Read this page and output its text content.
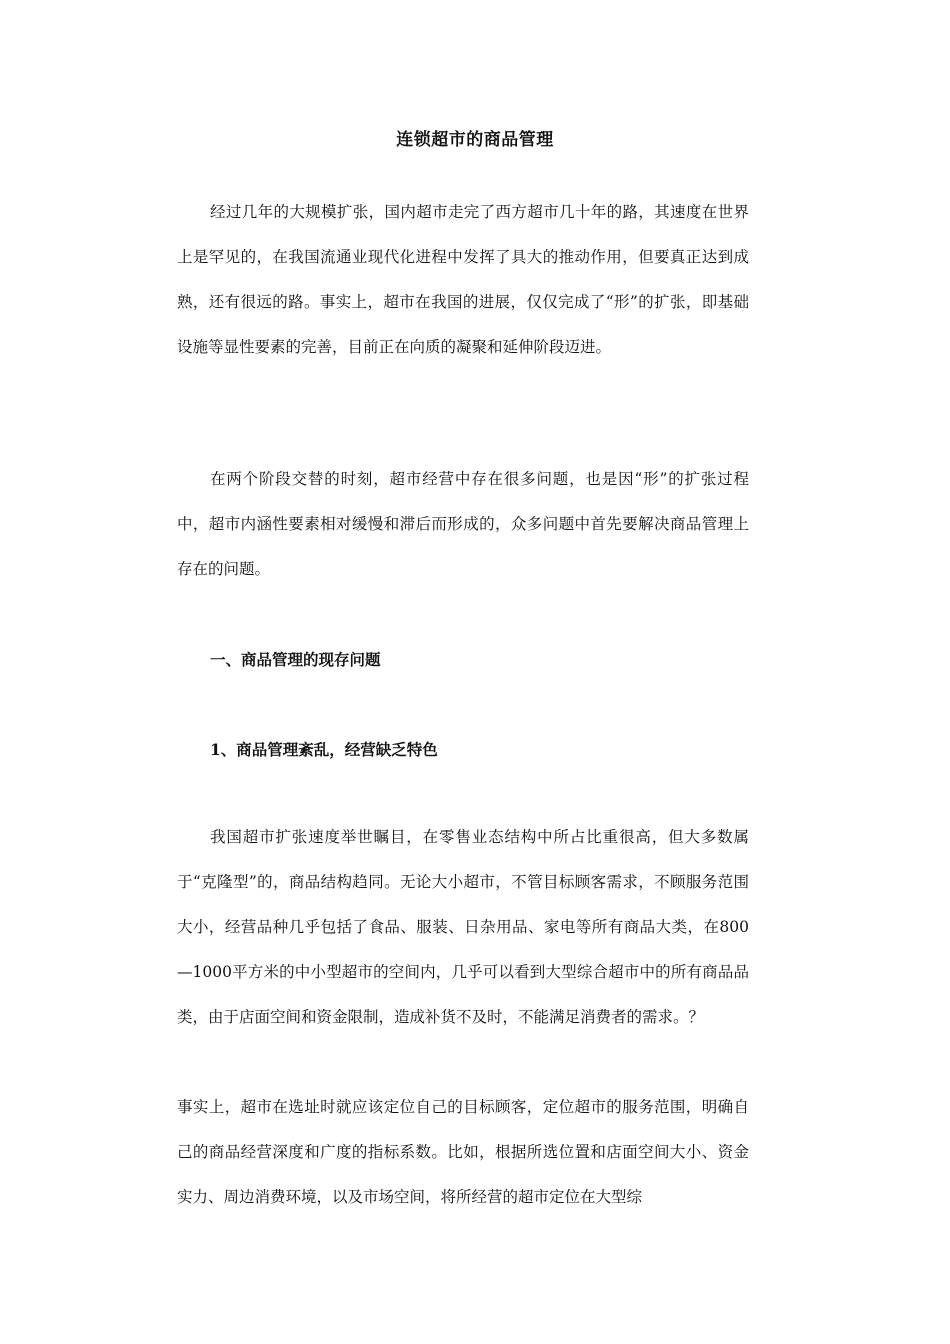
连锁超市的商品管理

经过几年的大规模扩张，国内超市走完了西方超市几十年的路，其速度在世界上是罕见的，在我国流通业现代化进程中发挥了具大的推动作用，但要真正达到成熟，还有很远的路。事实上，超市在我国的进展，仅仅完成了“形”的扩张，即基础设施等显性要素的完善，目前正在向质的凝聚和延伸阶段迈进。

在两个阶段交替的时刻，超市经营中存在很多问题，也是因“形”的扩张过程中，超市内涵性要素相对缓慢和滞后而形成的，众多问题中首先要解决商品管理上存在的问题。

一、商品管理的现存问题
1、商品管理紊乱，经营缺乏特色

我国超市扩张速度举世瞩目，在零售业态结构中所占比重很高，但大多数属于“克隆型”的，商品结构趋同。无论大小超市，不管目标顾客需求，不顾服务范围大小，经营品种几乎包括了食品、服装、日杂用品、家电等所有商品大类，在800—1000平方米的中小型超市的空间内，几乎可以看到大型综合超市中的所有商品品类，由于店面空间和资金限制，造成补货不及时，不能满足消费者的需求。？

事实上，超市在选址时就应该定位自己的目标顾客，定位超市的服务范围，明确自己的商品经营深度和广度的指标系数。比如，根据所选位置和店面空间大小、资金实力、周边消费环境，以及市场空间，将所经营的超市定位在大型综
